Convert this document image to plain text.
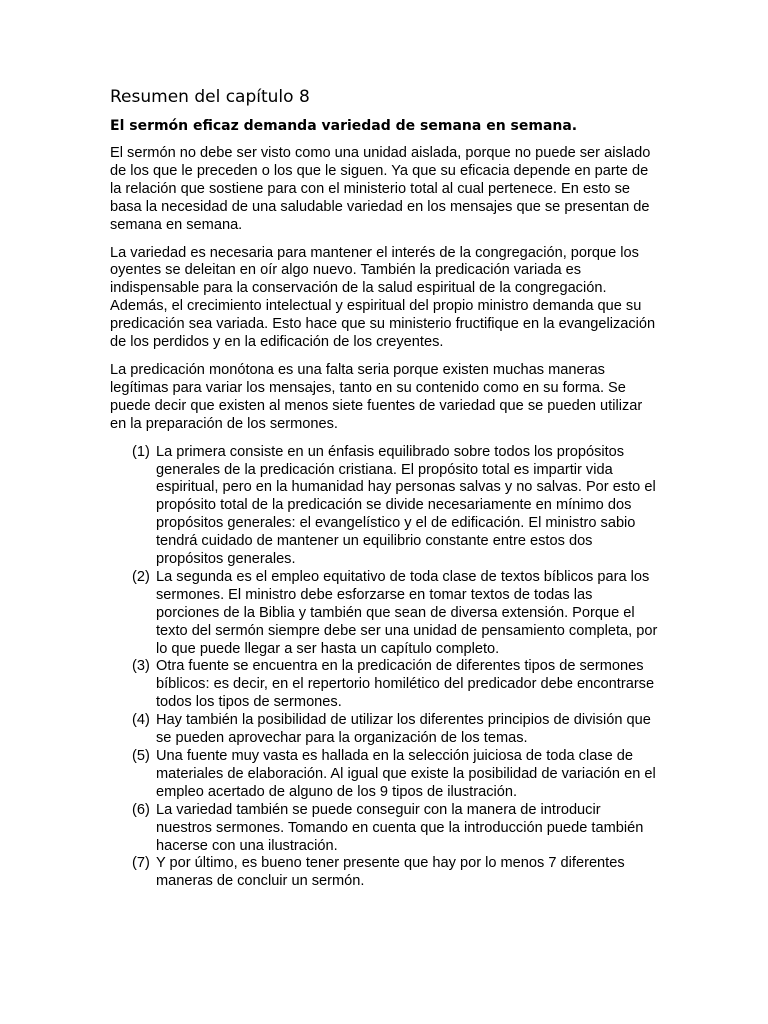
Resumen del capítulo 8
El sermón eficaz demanda variedad de semana en semana.

El sermón no debe ser visto como una unidad aislada, porque no puede ser aislado de los que le preceden o los que le siguen. Ya que su eficacia depende en parte de la relación que sostiene para con el ministerio total al cual pertenece. En esto se basa la necesidad de una saludable variedad en los mensajes que se presentan de semana en semana.

La variedad es necesaria para mantener el interés de la congregación, porque los oyentes se deleitan en oír algo nuevo. También la predicación variada es indispensable para la conservación de la salud espiritual de la congregación. Además, el crecimiento intelectual y espiritual del propio ministro demanda que su predicación sea variada. Esto hace que su ministerio fructifique en la evangelización de los perdidos y en la edificación de los creyentes.

La predicación monótona es una falta seria porque existen muchas maneras legítimas para variar los mensajes, tanto en su contenido como en su forma. Se puede decir que existen al menos siete fuentes de variedad que se pueden utilizar en la preparación de los sermones.

(1) La primera consiste en un énfasis equilibrado sobre todos los propósitos generales de la predicación cristiana. El propósito total es impartir vida espiritual, pero en la humanidad hay personas salvas y no salvas. Por esto el propósito total de la predicación se divide necesariamente en mínimo dos propósitos generales: el evangelístico y el de edificación. El ministro sabio tendrá cuidado de mantener un equilibrio constante entre estos dos propósitos generales.
(2) La segunda es el empleo equitativo de toda clase de textos bíblicos para los sermones. El ministro debe esforzarse en tomar textos de todas las porciones de la Biblia y también que sean de diversa extensión. Porque el texto del sermón siempre debe ser una unidad de pensamiento completa, por lo que puede llegar a ser hasta un capítulo completo.
(3) Otra fuente se encuentra en la predicación de diferentes tipos de sermones bíblicos: es decir, en el repertorio homilético del predicador debe encontrarse todos los tipos de sermones.
(4) Hay también la posibilidad de utilizar los diferentes principios de división que se pueden aprovechar para la organización de los temas.
(5) Una fuente muy vasta es hallada en la selección juiciosa de toda clase de materiales de elaboración. Al igual que existe la posibilidad de variación en el empleo acertado de alguno de los 9 tipos de ilustración.
(6) La variedad también se puede conseguir con la manera de introducir nuestros sermones. Tomando en cuenta que la introducción puede también hacerse con una ilustración.
(7) Y por último, es bueno tener presente que hay por lo menos 7 diferentes maneras de concluir un sermón.
